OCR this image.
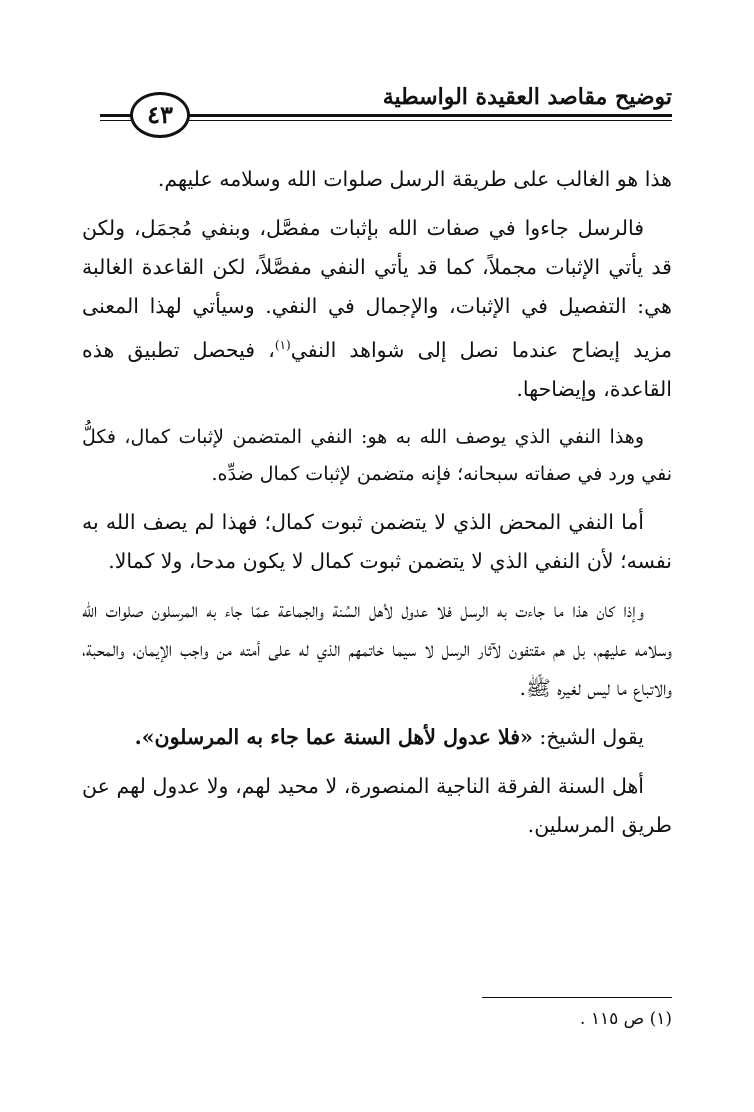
توضيح مقاصد العقيدة الواسطية
٤٣

هذا هو الغالب على طريقة الرسل صلوات الله وسلامه عليهم.

فالرسل جاءوا في صفات الله بإثبات مفصَّل، وبنفي مُجمَل، ولكن قد يأتي الإثبات مجملاً، كما قد يأتي النفي مفصَّلاً، لكن القاعدة الغالبة هي: التفصيل في الإثبات، والإجمال في النفي. وسيأتي لهذا المعنى مزيد إيضاح عندما نصل إلى شواهد النفي$^{(١)}$، فيحصل تطبيق هذه القاعدة، وإيضاحها.

وهذا النفي الذي يوصف الله به هو: النفي المتضمن لإثبات كمال، فكلُّ نفي ورد في صفاته سبحانه؛ فإنه متضمن لإثبات كمال ضدِّه.

أما النفي المحض الذي لا يتضمن ثبوت كمال؛ فهذا لم يصف الله به نفسه؛ لأن النفي الذي لا يتضمن ثبوت كمال لا يكون مدحا، ولا كمالا.

وإذا كان هذا ما جاءت به الرسل فلا عدول لأهل السُنة والجماعة عمّا جاء به المرسلون صلوات الله وسلامه عليهم، بل هم مقتفون لآثار الرسل لا سيما خاتمهم الذي له على أمته من واجب الإيمان، والمحبة، والاتباع ما ليس لغيره ﷺ.

يقول الشيخ: «فلا عدول لأهل السنة عما جاء به المرسلون».

أهل السنة الفرقة الناجية المنصورة، لا محيد لهم، ولا عدول لهم عن طريق المرسلين.

(١) ص ١١٥ .
